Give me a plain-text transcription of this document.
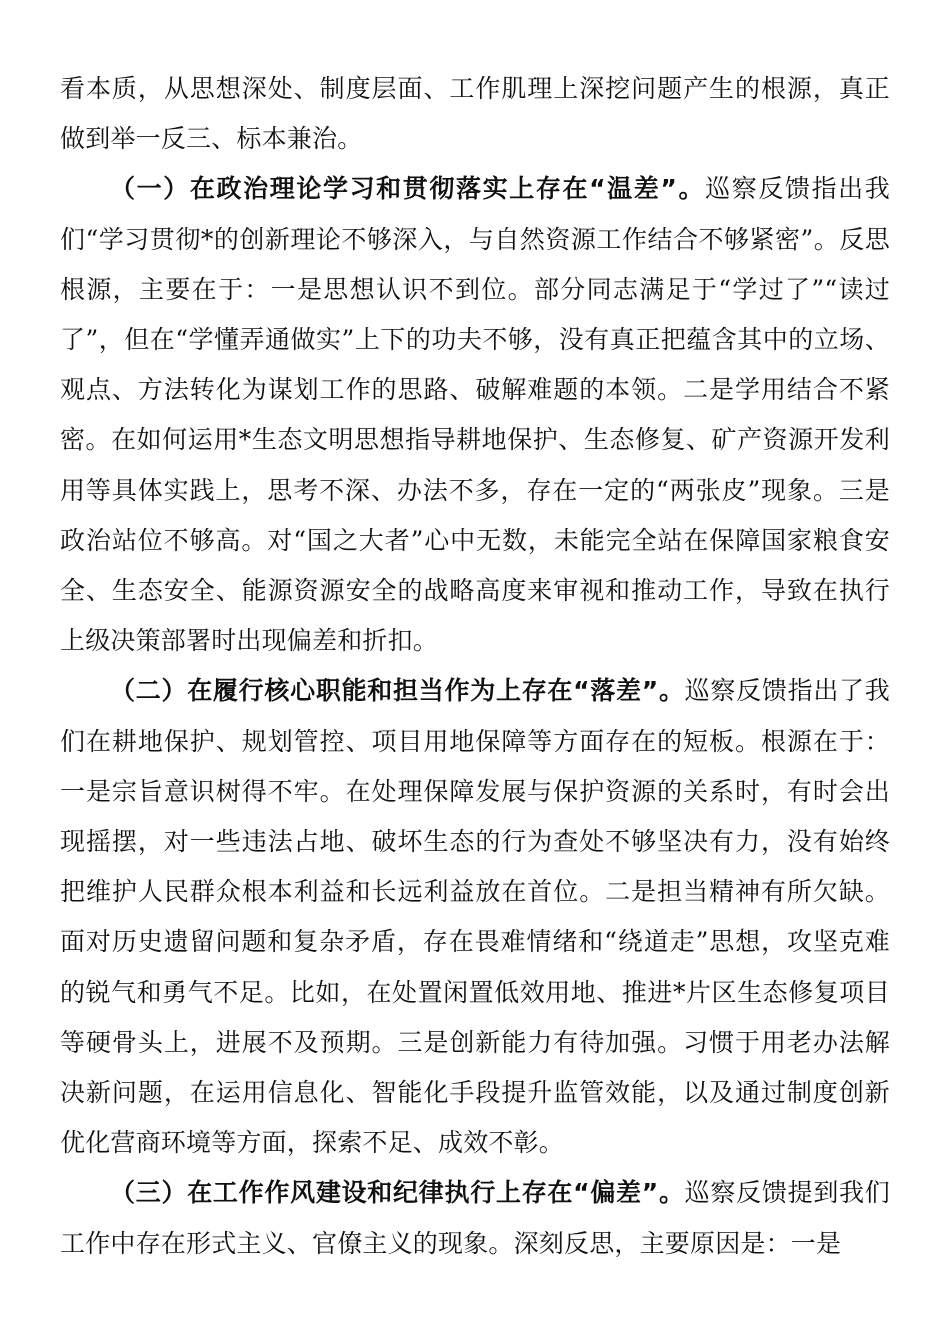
看本质，从思想深处、制度层面、工作肌理上深挖问题产生的根源，真正做到举一反三、标本兼治。

（一）在政治理论学习和贯彻落实上存在“温差”。巡察反馈指出我们“学习贯彻*的创新理论不够深入，与自然资源工作结合不够紧密”。反思根源，主要在于：一是思想认识不到位。部分同志满足于“学过了”“读过了”，但在“学懂弄通做实”上下的功夫不够，没有真正把蕴含其中的立场、观点、方法转化为谋划工作的思路、破解难题的本领。二是学用结合不紧密。在如何运用*生态文明思想指导耕地保护、生态修复、矿产资源开发利用等具体实践上，思考不深、办法不多，存在一定的“两张皮”现象。三是政治站位不够高。对“国之大者”心中无数，未能完全站在保障国家粮食安全、生态安全、能源资源安全的战略高度来审视和推动工作，导致在执行上级决策部署时出现偏差和折扣。

（二）在履行核心职能和担当作为上存在“落差”。巡察反馈指出了我们在耕地保护、规划管控、项目用地保障等方面存在的短板。根源在于：一是宗旨意识树得不牢。在处理保障发展与保护资源的关系时，有时会出现摇摆，对一些违法占地、破坏生态的行为查处不够坚决有力，没有始终把维护人民群众根本利益和长远利益放在首位。二是担当精神有所欠缺。面对历史遗留问题和复杂矛盾，存在畏难情绪和“绕道走”思想，攻坚克难的锐气和勇气不足。比如，在处置闲置低效用地、推进*片区生态修复项目等硬骨头上，进展不及预期。三是创新能力有待加强。习惯于用老办法解决新问题，在运用信息化、智能化手段提升监管效能，以及通过制度创新优化营商环境等方面，探索不足、成效不彰。

（三）在工作作风建设和纪律执行上存在“偏差”。巡察反馈提到我们工作中存在形式主义、官僚主义的现象。深刻反思，主要原因是：一是
